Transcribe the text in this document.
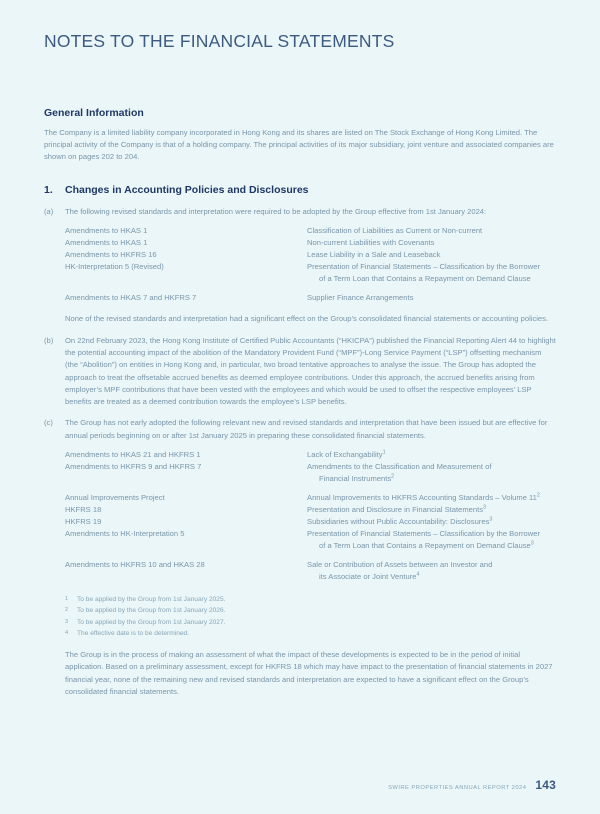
NOTES TO THE FINANCIAL STATEMENTS
General Information

The Company is a limited liability company incorporated in Hong Kong and its shares are listed on The Stock Exchange of Hong Kong Limited. The principal activity of the Company is that of a holding company. The principal activities of its major subsidiary, joint venture and associated companies are shown on pages 202 to 204.

1.	Changes in Accounting Policies and Disclosures
(a)	The following revised standards and interpretation were required to be adopted by the Group effective from 1st January 2024:

Amendments to HKAS 1	Classification of Liabilities as Current or Non-current
Amendments to HKAS 1	Non-current Liabilities with Covenants
Amendments to HKFRS 16	Lease Liability in a Sale and Leaseback
HK-Interpretation 5 (Revised)	Presentation of Financial Statements – Classification by the Borrower
of a Term Loan that Contains a Repayment on Demand Clause

Amendments to HKAS 7 and HKFRS 7	Supplier Finance Arrangements

None of the revised standards and interpretation had a significant effect on the Group’s consolidated financial statements or accounting policies.

(b)	On 22nd February 2023, the Hong Kong Institute of Certified Public Accountants (“HKICPA”) published the Financial Reporting Alert 44 to highlight the potential accounting impact of the abolition of the Mandatory Provident Fund (“MPF”)-Long Service Payment (“LSP”) offsetting mechanism (the “Abolition”) on entities in Hong Kong and, in particular, two broad tentative approaches to analyse the issue. The Group has adopted the approach to treat the offsetable accrued benefits as deemed employee contributions. Under this approach, the accrued benefits arising from employer’s MPF contributions that have been vested with the employees and which would be used to offset the respective employees’ LSP benefits are treated as a deemed contribution towards the employee’s LSP benefits.

(c)	The Group has not early adopted the following relevant new and revised standards and interpretation that have been issued but are effective for annual periods beginning on or after 1st January 2025 in preparing these consolidated financial statements.

Amendments to HKAS 21 and HKFRS 1	Lack of Exchangability$^1$
Amendments to HKFRS 9 and HKFRS 7	Amendments to the Classification and Measurement of
Financial Instruments$^2$

Annual Improvements Project	Annual Improvements to HKFRS Accounting Standards – Volume $11^2$
HKFRS 18	Presentation and Disclosure in Financial Statements$^3$
HKFRS 19	Subsidiaries without Public Accountability: Disclosures$^3$
Amendments to HK-Interpretation 5	Presentation of Financial Statements – Classification by the Borrower
of a Term Loan that Contains a Repayment on Demand Clause$^3$

Amendments to HKFRS 10 and HKAS 28	Sale or Contribution of Assets between an Investor and
its Associate or Joint Venture$^4$
1	To be applied by the Group from 1st January 2025.
2	To be applied by the Group from 1st January 2026.
3	To be applied by the Group from 1st January 2027.
4	The effective date is to be determined.

The Group is in the process of making an assessment of what the impact of these developments is expected to be in the period of initial application. Based on a preliminary assessment, except for HKFRS 18 which may have impact to the presentation of financial statements in 2027 financial year, none of the remaining new and revised standards and interpretation are expected to have a significant effect on the Group’s consolidated financial statements.

SWIRE PROPERTIES ANNUAL REPORT 2024 143
